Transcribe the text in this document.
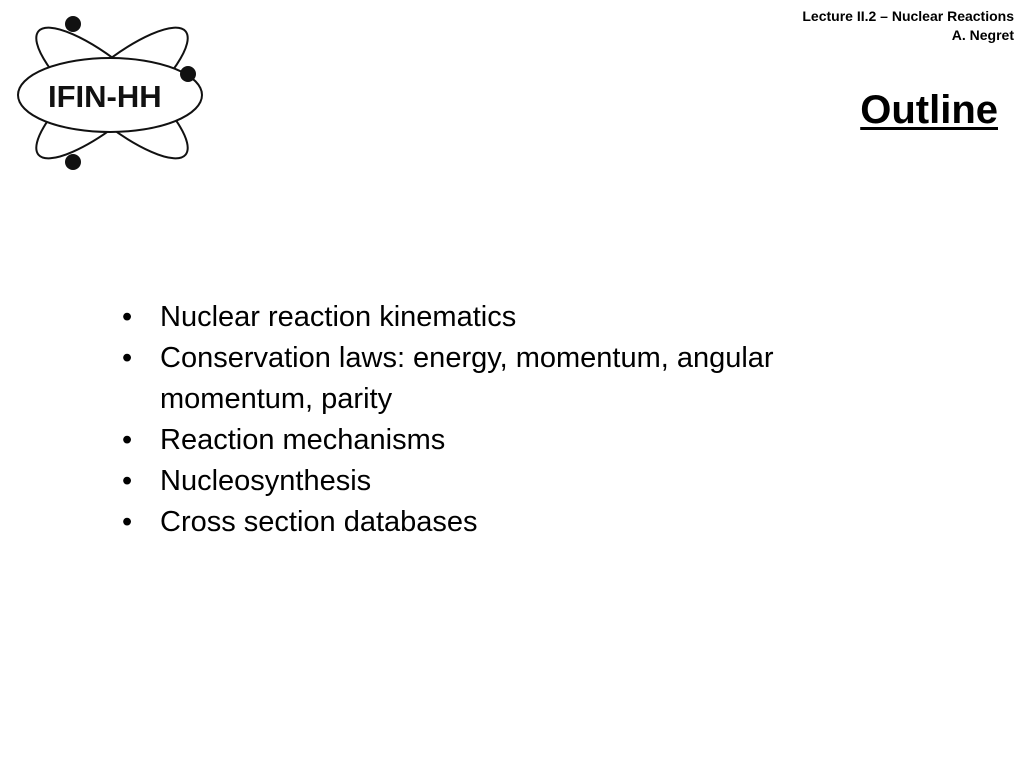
IFIN-HH
Lecture II.2 – Nuclear Reactions
A. Negret
Outline
• Nuclear reaction kinematics
• Conservation laws: energy, momentum, angular momentum, parity
• Reaction mechanisms
• Nucleosynthesis
• Cross section databases
